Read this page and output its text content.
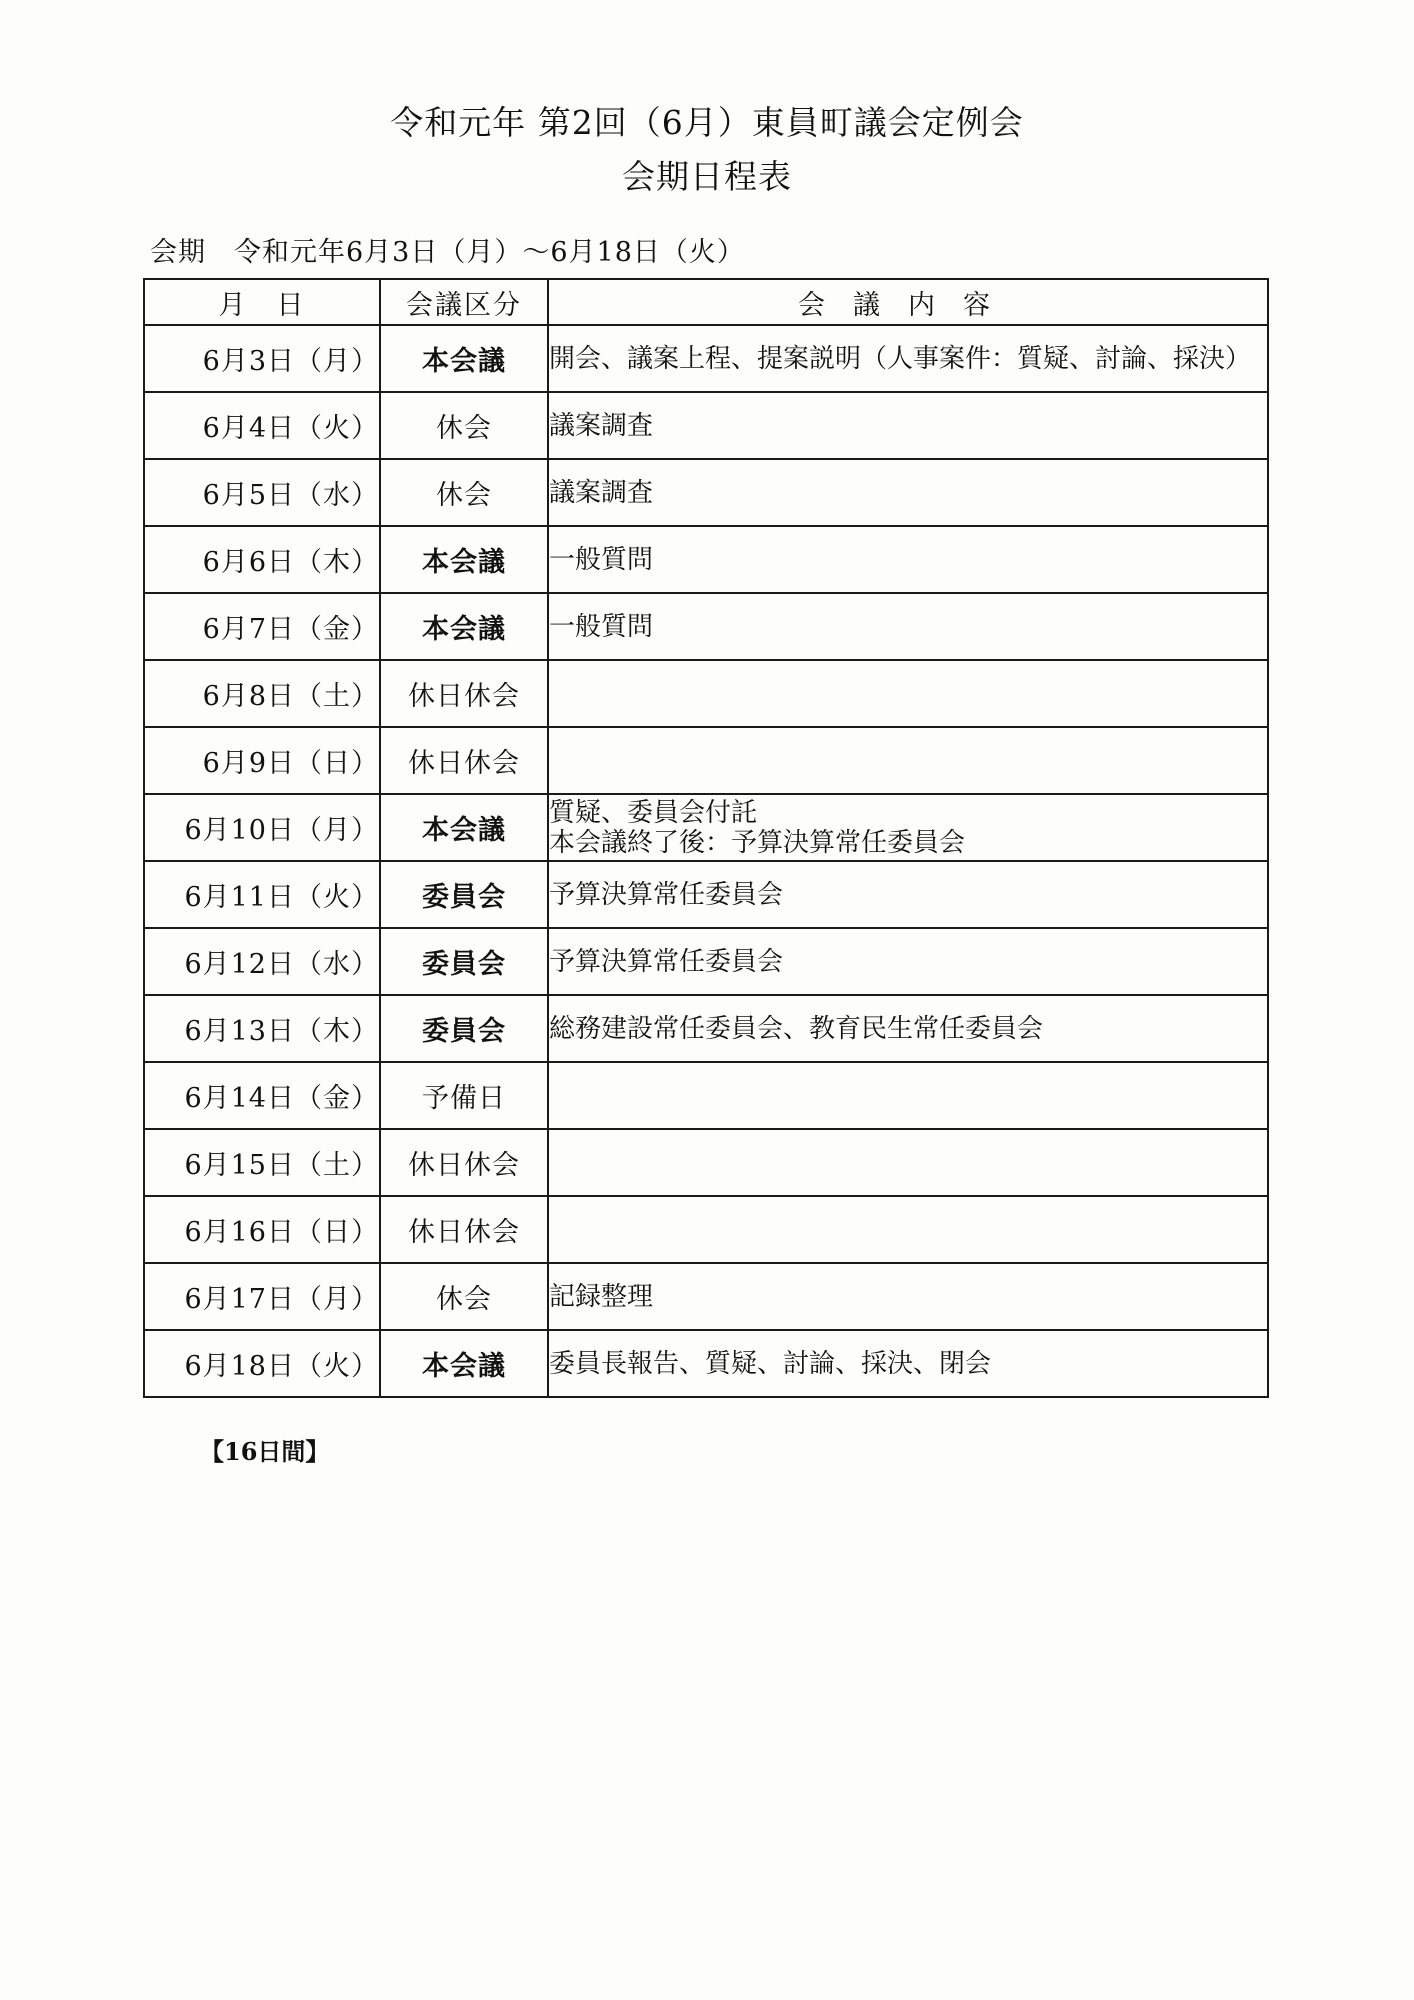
令和元年 第2回（6月）東員町議会定例会
会期日程表
会期　令和元年6月3日（月）～6月18日（火）
月　日	会議区分	会議内容
6月3日（月）	本会議	開会、議案上程、提案説明（人事案件：質疑、討論、採決）
6月4日（火）	休会	議案調査
6月5日（水）	休会	議案調査
6月6日（木）	本会議	一般質問
6月7日（金）	本会議	一般質問
6月8日（土）	休日休会	
6月9日（日）	休日休会	
6月10日（月）	本会議	質疑、委員会付託
本会議終了後：予算決算常任委員会
6月11日（火）	委員会	予算決算常任委員会
6月12日（水）	委員会	予算決算常任委員会
6月13日（木）	委員会	総務建設常任委員会、教育民生常任委員会
6月14日（金）	予備日	
6月15日（土）	休日休会	
6月16日（日）	休日休会	
6月17日（月）	休会	記録整理
6月18日（火）	本会議	委員長報告、質疑、討論、採決、閉会
【16日間】
